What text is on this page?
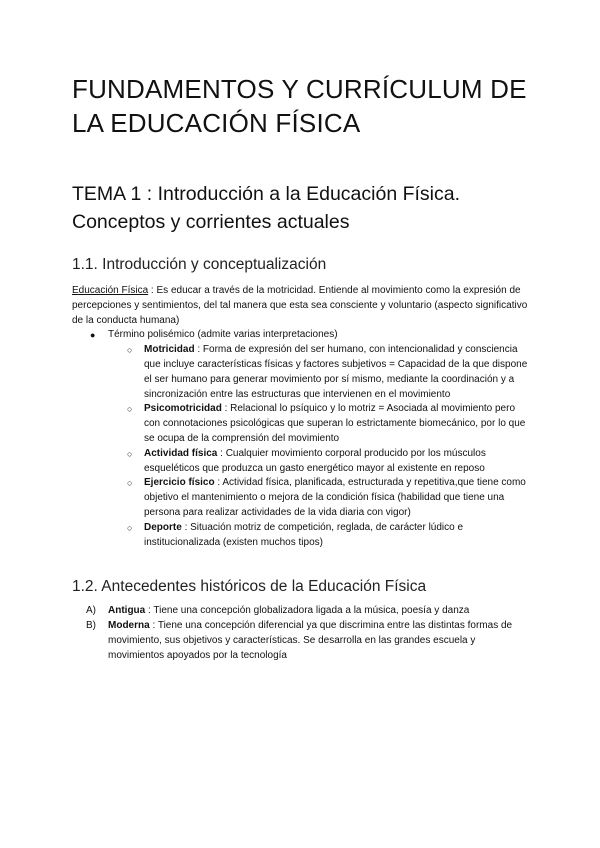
FUNDAMENTOS Y CURRÍCULUM DE LA EDUCACIÓN FÍSICA
TEMA 1 : Introducción a la Educación Física. Conceptos y corrientes actuales
1.1. Introducción y conceptualización

Educación Física : Es educar a través de la motricidad. Entiende al movimiento como la expresión de percepciones y sentimientos, del tal manera que esta sea consciente y voluntario (aspecto significativo de la conducta humana)

● Término polisémico (admite varias interpretaciones)
○ Motricidad : Forma de expresión del ser humano, con intencionalidad y consciencia que incluye características físicas y factores subjetivos = Capacidad de la que dispone el ser humano para generar movimiento por sí mismo, mediante la coordinación y a sincronización entre las estructuras que intervienen en el movimiento
○ Psicomotricidad : Relacional lo psíquico y lo motriz = Asociada al movimiento pero con connotaciones psicológicas que superan lo estrictamente biomecánico, por lo que se ocupa de la comprensión del movimiento
○ Actividad física : Cualquier movimiento corporal producido por los músculos esqueléticos que produzca un gasto energético mayor al existente en reposo
○ Ejercicio físico : Actividad física, planificada, estructurada y repetitiva,que tiene como objetivo el mantenimiento o mejora de la condición física (habilidad que tiene una persona para realizar actividades de la vida diaria con vigor)
○ Deporte : Situación motriz de competición, reglada, de carácter lúdico e institucionalizada (existen muchos tipos)
1.2. Antecedentes históricos de la Educación Física
A) Antigua : Tiene una concepción globalizadora ligada a la música, poesía y danza
B) Moderna : Tiene una concepción diferencial ya que discrimina entre las distintas formas de movimiento, sus objetivos y características. Se desarrolla en las grandes escuela y movimientos apoyados por la tecnología
